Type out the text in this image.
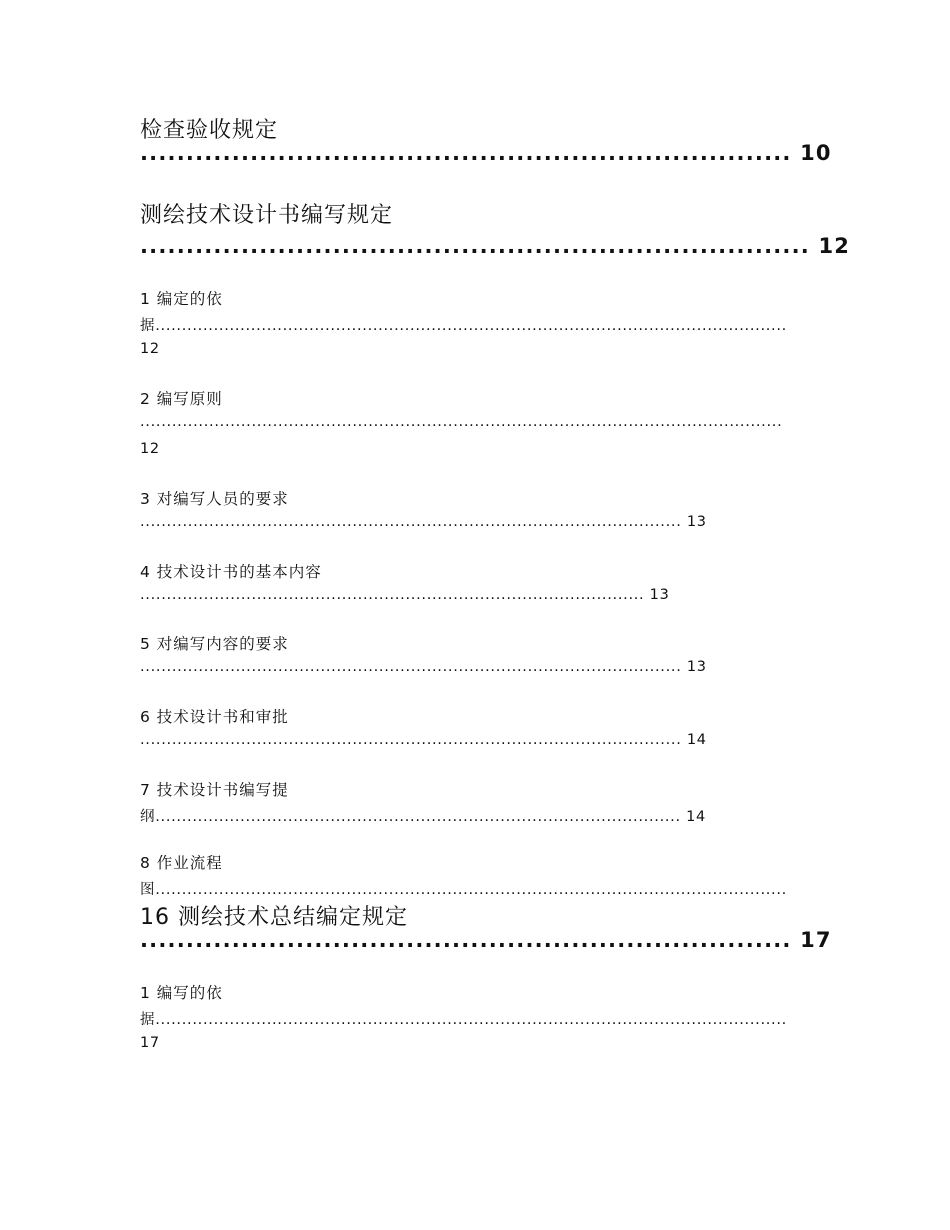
检查验收规定
....................................................................... 10
测绘技术设计书编写规定
......................................................................... 12
1 编定的依
据.......................................................................................................................
12
2 编写原则
.........................................................................................................................
12
3 对编写人员的要求
...................................................................................................... 13
4 技术设计书的基本内容
............................................................................................... 13
5 对编写内容的要求
...................................................................................................... 13
6 技术设计书和审批
...................................................................................................... 14
7 技术设计书编写提
纲................................................................................................... 14
8 作业流程
图.......................................................................................................................
16 测绘技术总结编定规定
....................................................................... 17
1 编写的依
据.......................................................................................................................
17
